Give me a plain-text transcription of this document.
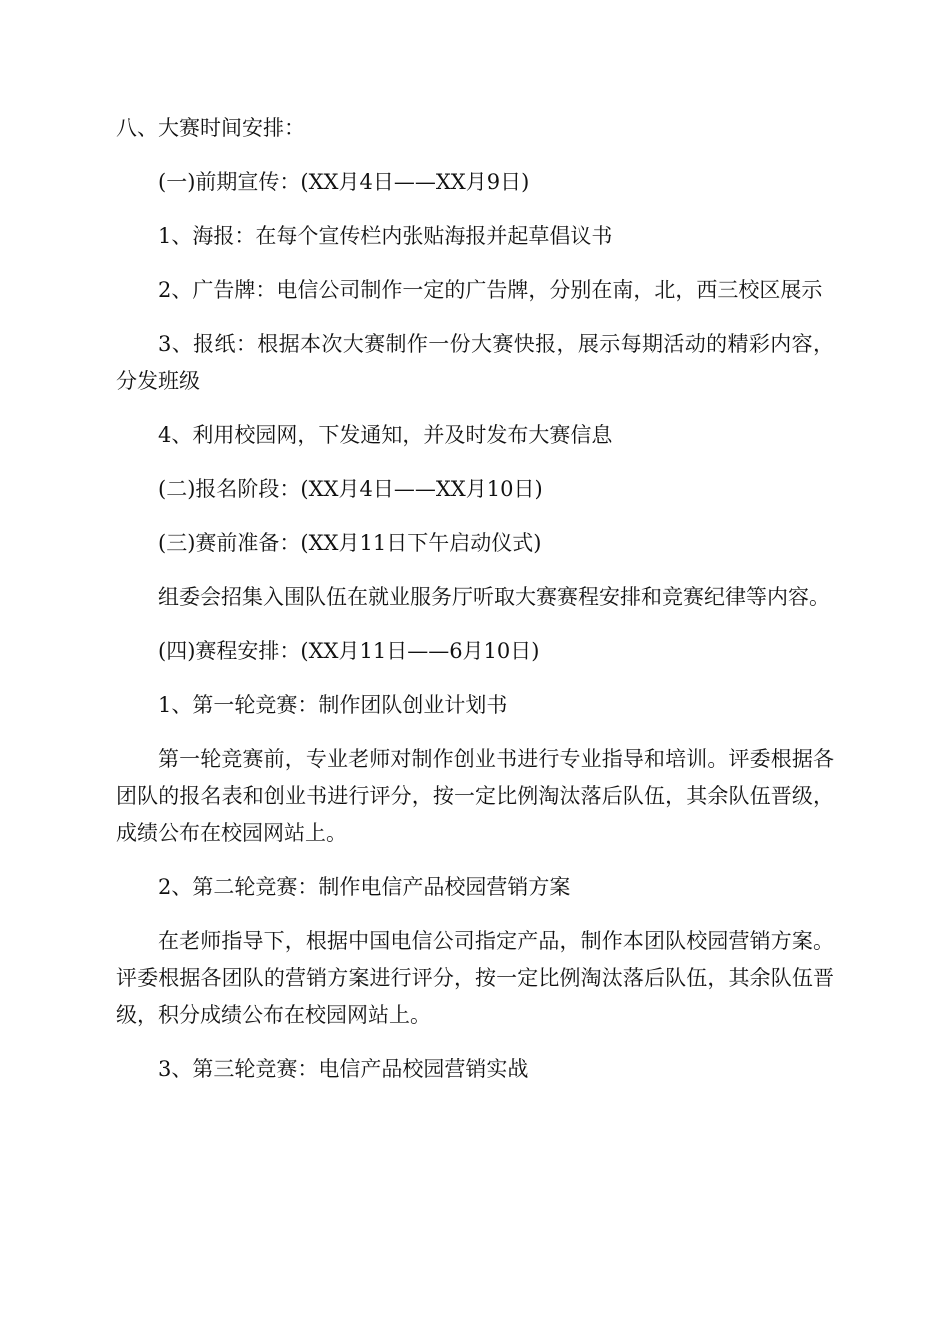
八、大赛时间安排：

(一)前期宣传：(XX月4日——XX月9日)

1、海报：在每个宣传栏内张贴海报并起草倡议书

2、广告牌：电信公司制作一定的广告牌，分别在南，北，西三校区展示

3、报纸：根据本次大赛制作一份大赛快报，展示每期活动的精彩内容，分发班级

4、利用校园网，下发通知，并及时发布大赛信息

(二)报名阶段：(XX月4日——XX月10日)

(三)赛前准备：(XX月11日下午启动仪式)

组委会招集入围队伍在就业服务厅听取大赛赛程安排和竞赛纪律等内容。

(四)赛程安排：(XX月11日——6月10日)

1、第一轮竞赛：制作团队创业计划书

第一轮竞赛前，专业老师对制作创业书进行专业指导和培训。评委根据各团队的报名表和创业书进行评分，按一定比例淘汰落后队伍，其余队伍晋级，成绩公布在校园网站上。

2、第二轮竞赛：制作电信产品校园营销方案

在老师指导下，根据中国电信公司指定产品，制作本团队校园营销方案。评委根据各团队的营销方案进行评分，按一定比例淘汰落后队伍，其余队伍晋级，积分成绩公布在校园网站上。

3、第三轮竞赛：电信产品校园营销实战
